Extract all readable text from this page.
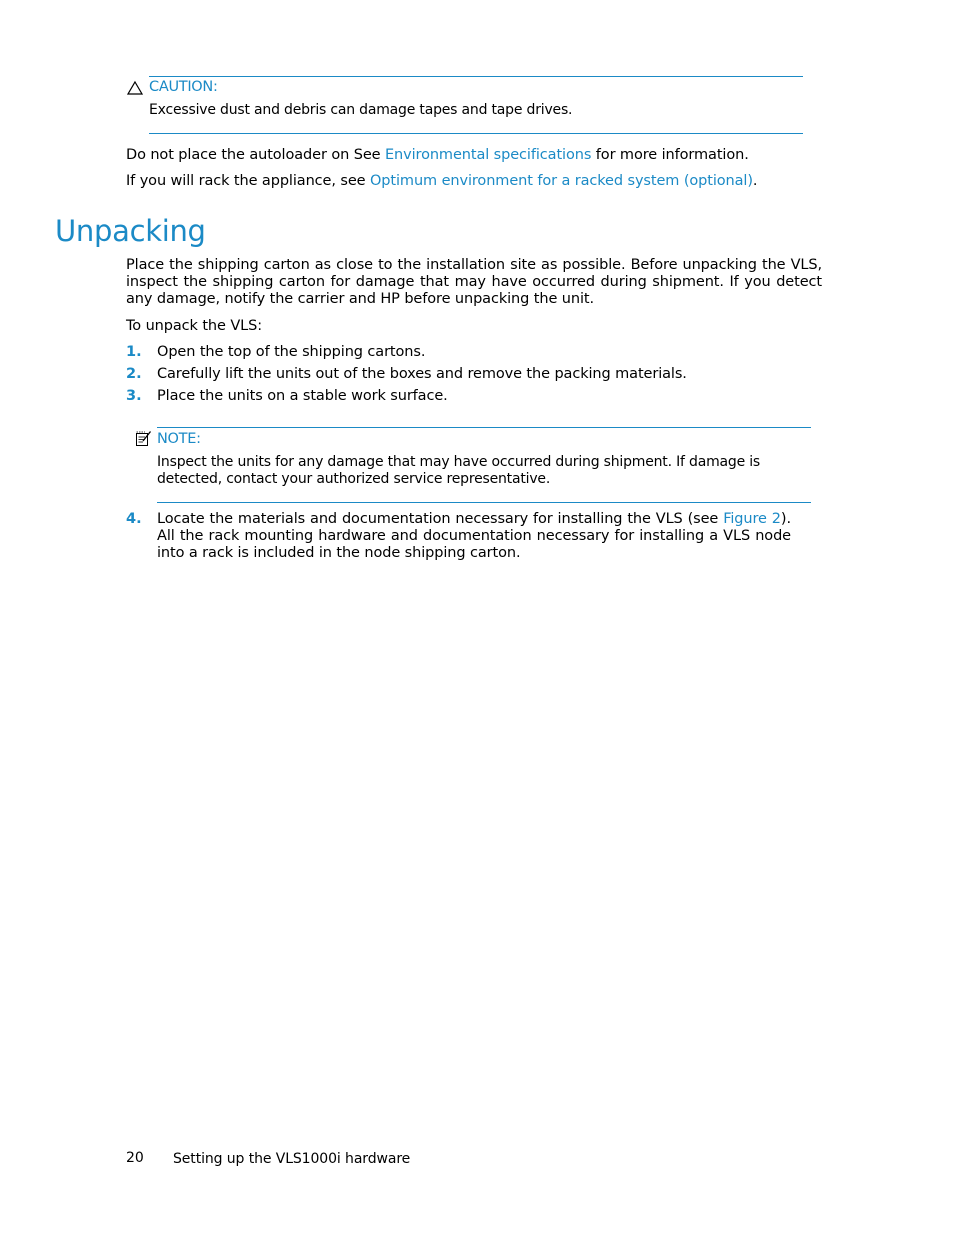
CAUTION:
Excessive dust and debris can damage tapes and tape drives.
Do not place the autoloader on See Environmental specifications for more information.
If you will rack the appliance, see Optimum environment for a racked system (optional).
Unpacking
Place the shipping carton as close to the installation site as possible. Before unpacking the VLS, inspect the shipping carton for damage that may have occurred during shipment. If you detect any damage, notify the carrier and HP before unpacking the unit.
To unpack the VLS:
1. Open the top of the shipping cartons.
2. Carefully lift the units out of the boxes and remove the packing materials.
3. Place the units on a stable work surface.
NOTE:
Inspect the units for any damage that may have occurred during shipment. If damage is detected, contact your authorized service representative.
4. Locate the materials and documentation necessary for installing the VLS (see Figure 2). All the rack mounting hardware and documentation necessary for installing a VLS node into a rack is included in the node shipping carton.
20 Setting up the VLS1000i hardware
